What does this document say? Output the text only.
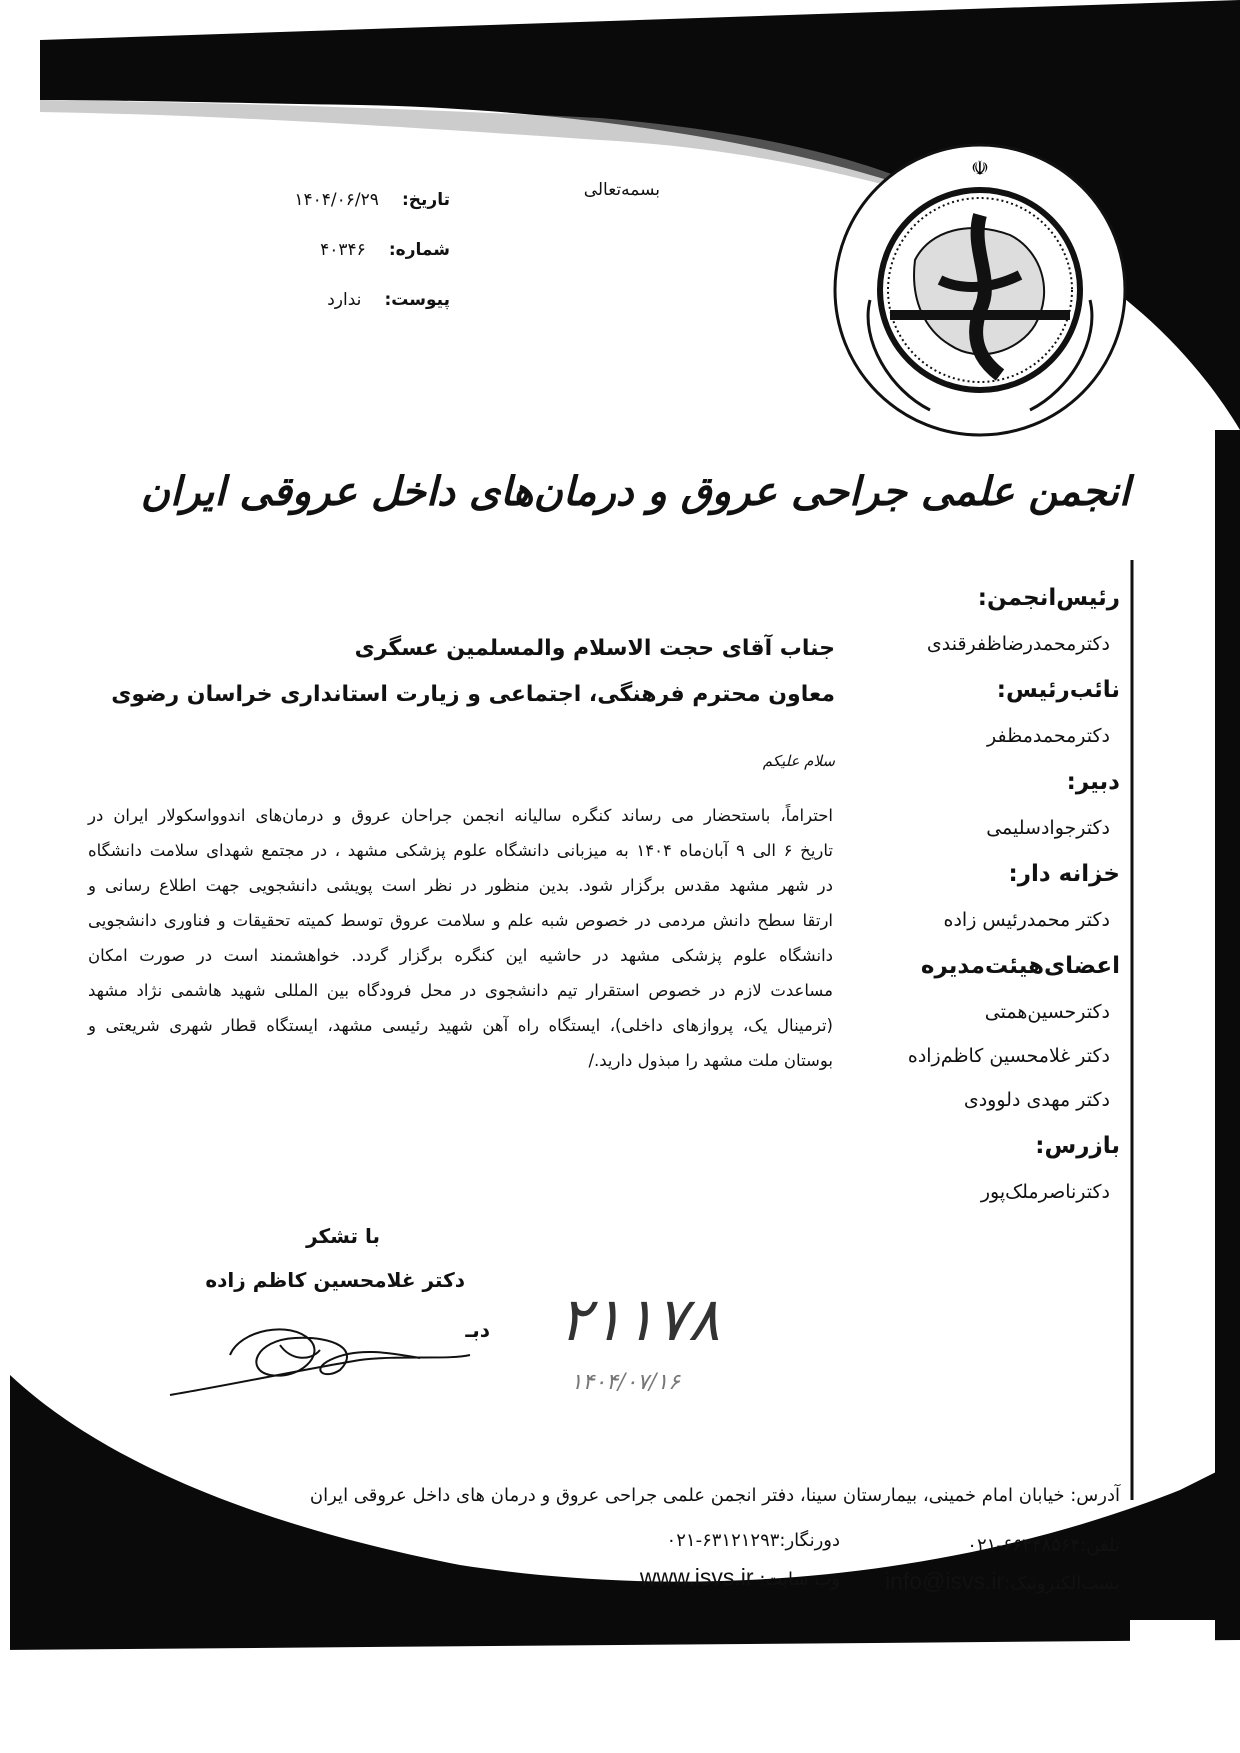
☫
بسمه‌تعالی
تاریخ: ۱۴۰۴/۰۶/۲۹
شماره: ۴۰۳۴۶
پیوست: ندارد
انجمن علمی جراحی عروق و درمان‌های داخل عروقی ایران
رئیس‌انجمن:
دکترمحمدرضاظفرقندی
نائب‌رئیس:
دکترمحمدمظفر
دبیر:
دکترجوادسلیمی
خزانه دار:
دکتر محمدرئیس زاده
اعضای‌هیئت‌مدیره
دکترحسین‌همتی
دکتر غلامحسین کاظم‌زاده
دکتر مهدی دلوودی
بازرس:
دکترناصرملک‌پور
جناب آقای حجت الاسلام والمسلمین عسگری
معاون محترم فرهنگی، اجتماعی و زیارت استانداری خراسان رضوی
سلام علیکم
احتراماً، باستحضار می رساند کنگره سالیانه انجمن جراحان عروق و درمان‌های اندوواسکولار ایران در
تاریخ ۶ الی ۹ آبان‌ماه ۱۴۰۴ به میزبانی دانشگاه علوم پزشکی مشهد ، در مجتمع شهدای سلامت دانشگاه
در شهر مشهد مقدس برگزار شود. بدین منظور در نظر است پویشی دانشجویی جهت اطلاع رسانی و
ارتقا سطح دانش مردمی در خصوص شبه علم و سلامت عروق توسط کمیته تحقیقات و فناوری دانشجویی
دانشگاه علوم پزشکی مشهد در حاشیه این کنگره برگزار گردد. خواهشمند است در صورت امکان
مساعدت لازم در خصوص استقرار تیم دانشجوی در محل فرودگاه بین المللی شهید هاشمی نژاد مشهد
(ترمینال یک، پروازهای داخلی)، ایستگاه راه آهن شهید رئیسی مشهد، ایستگاه قطار شهری شریعتی و
بوستان ملت مشهد را مبذول دارید./
با تشکر
دکتر غلامحسین کاظم زاده
دبـ	۲۱۱۷۸
۱۴۰۴/۰۷/۱۶
آدرس: خیابان امام خمینی، بیمارستان سینا، دفتر انجمن علمی جراحی عروق و درمان های داخل عروقی ایران
تلفن:۶۶۳۴۸۵۶۴-۰۲۱
دورنگار:۶۳۱۲۱۲۹۳-۰۲۱
پست‌الکترونیک:info@isvs.ir
وب سایت: www.isvs.ir
